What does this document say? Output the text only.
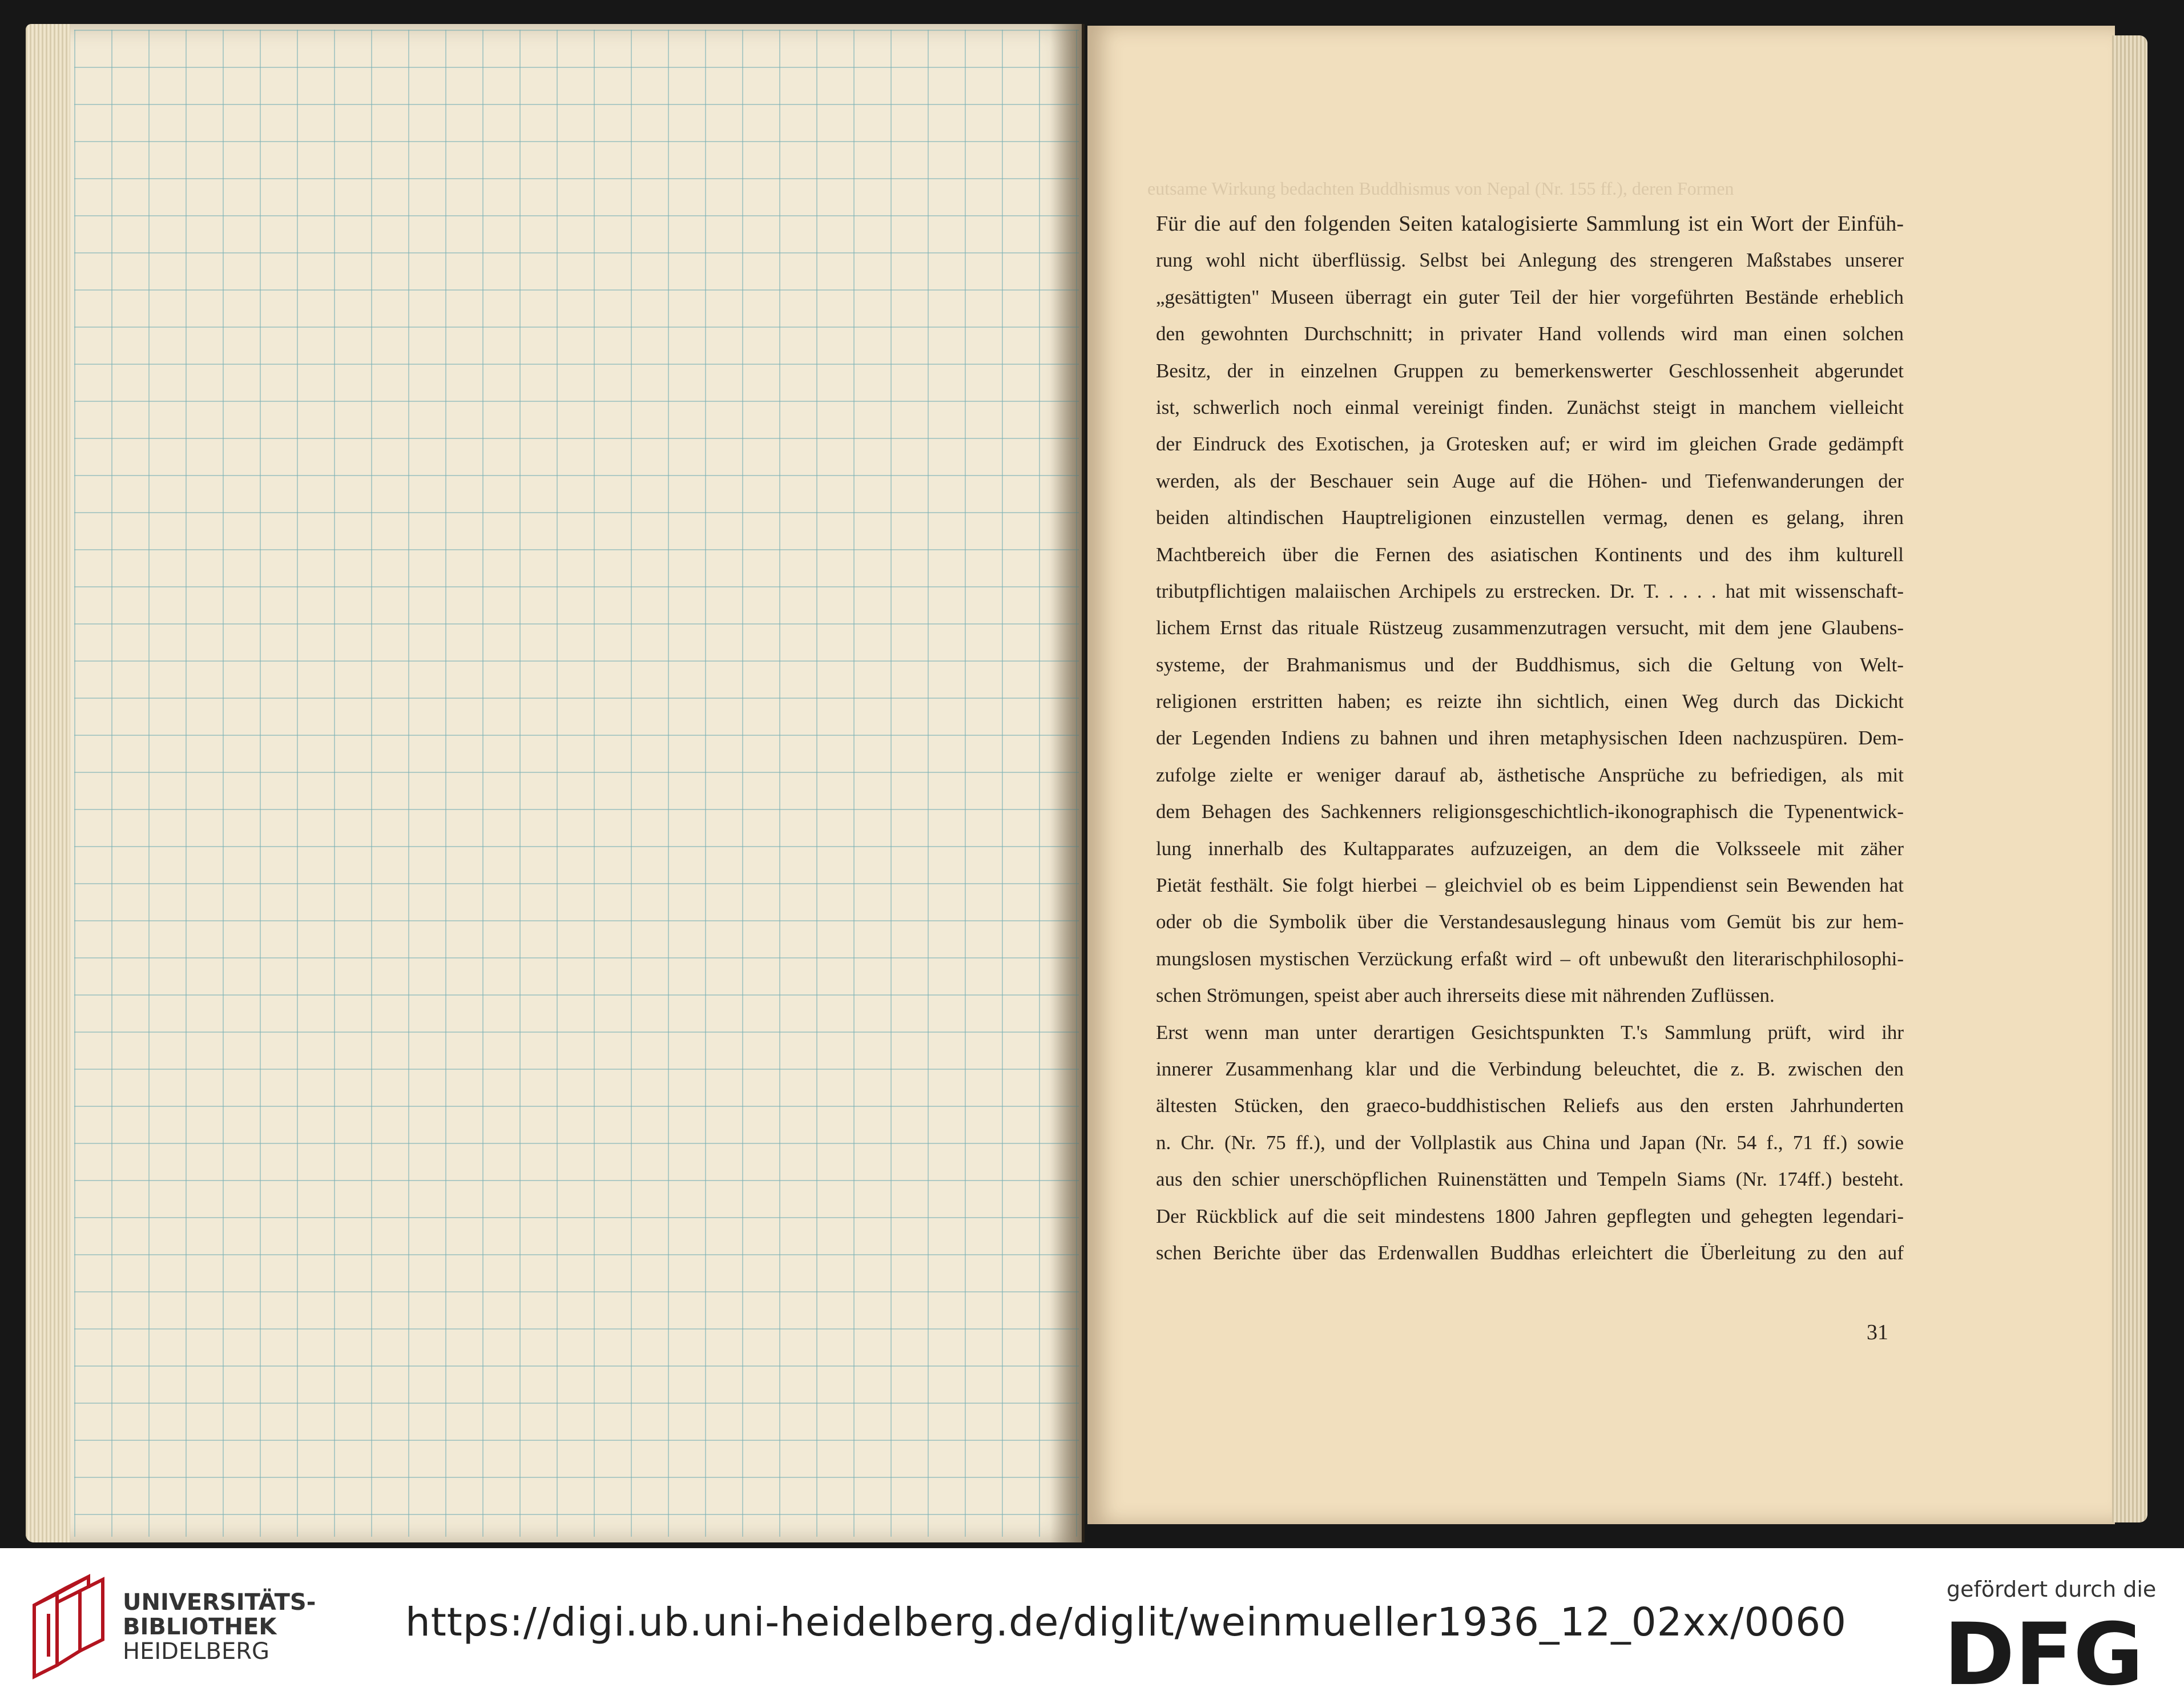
eutsame Wirkung bedachten Buddhismus von Nepal (Nr. 155 ff.), deren Formen
Für die auf den folgenden Seiten katalogisierte Sammlung ist ein Wort der Einfüh-
rung wohl nicht überflüssig. Selbst bei Anlegung des strengeren Maßstabes unserer
„gesättigten" Museen überragt ein guter Teil der hier vorgeführten Bestände erheblich
den gewohnten Durchschnitt; in privater Hand vollends wird man einen solchen
Besitz, der in einzelnen Gruppen zu bemerkenswerter Geschlossenheit abgerundet
ist, schwerlich noch einmal vereinigt finden. Zunächst steigt in manchem vielleicht
der Eindruck des Exotischen, ja Grotesken auf; er wird im gleichen Grade gedämpft
werden, als der Beschauer sein Auge auf die Höhen- und Tiefenwanderungen der
beiden altindischen Hauptreligionen einzustellen vermag, denen es gelang, ihren
Machtbereich über die Fernen des asiatischen Kontinents und des ihm kulturell
tributpflichtigen malaiischen Archipels zu erstrecken. Dr. T. . . . . hat mit wissenschaft-
lichem Ernst das rituale Rüstzeug zusammenzutragen versucht, mit dem jene Glaubens-
systeme, der Brahmanismus und der Buddhismus, sich die Geltung von Welt-
religionen erstritten haben; es reizte ihn sichtlich, einen Weg durch das Dickicht
der Legenden Indiens zu bahnen und ihren metaphysischen Ideen nachzuspüren. Dem-
zufolge zielte er weniger darauf ab, ästhetische Ansprüche zu befriedigen, als mit
dem Behagen des Sachkenners religionsgeschichtlich-ikonographisch die Typenentwick-
lung innerhalb des Kultapparates aufzuzeigen, an dem die Volksseele mit zäher
Pietät festhält. Sie folgt hierbei – gleichviel ob es beim Lippendienst sein Bewenden hat
oder ob die Symbolik über die Verstandesauslegung hinaus vom Gemüt bis zur hem-
mungslosen mystischen Verzückung erfaßt wird – oft unbewußt den literarischphilosophi-
schen Strömungen, speist aber auch ihrerseits diese mit nährenden Zuflüssen.
Erst wenn man unter derartigen Gesichtspunkten T.'s Sammlung prüft, wird ihr
innerer Zusammenhang klar und die Verbindung beleuchtet, die z. B. zwischen den
ältesten Stücken, den graeco-buddhistischen Reliefs aus den ersten Jahrhunderten
n. Chr. (Nr. 75 ff.), und der Vollplastik aus China und Japan (Nr. 54 f., 71 ff.) sowie
aus den schier unerschöpflichen Ruinenstätten und Tempeln Siams (Nr. 174ff.) besteht.
Der Rückblick auf die seit mindestens 1800 Jahren gepflegten und gehegten legendari-
schen Berichte über das Erdenwallen Buddhas erleichtert die Überleitung zu den auf
31
UNIVERSITÄTS-
BIBLIOTHEK
HEIDELBERG
https://digi.ub.uni-heidelberg.de/diglit/weinmueller1936_12_02xx/0060
gefördert durch die
DFG
